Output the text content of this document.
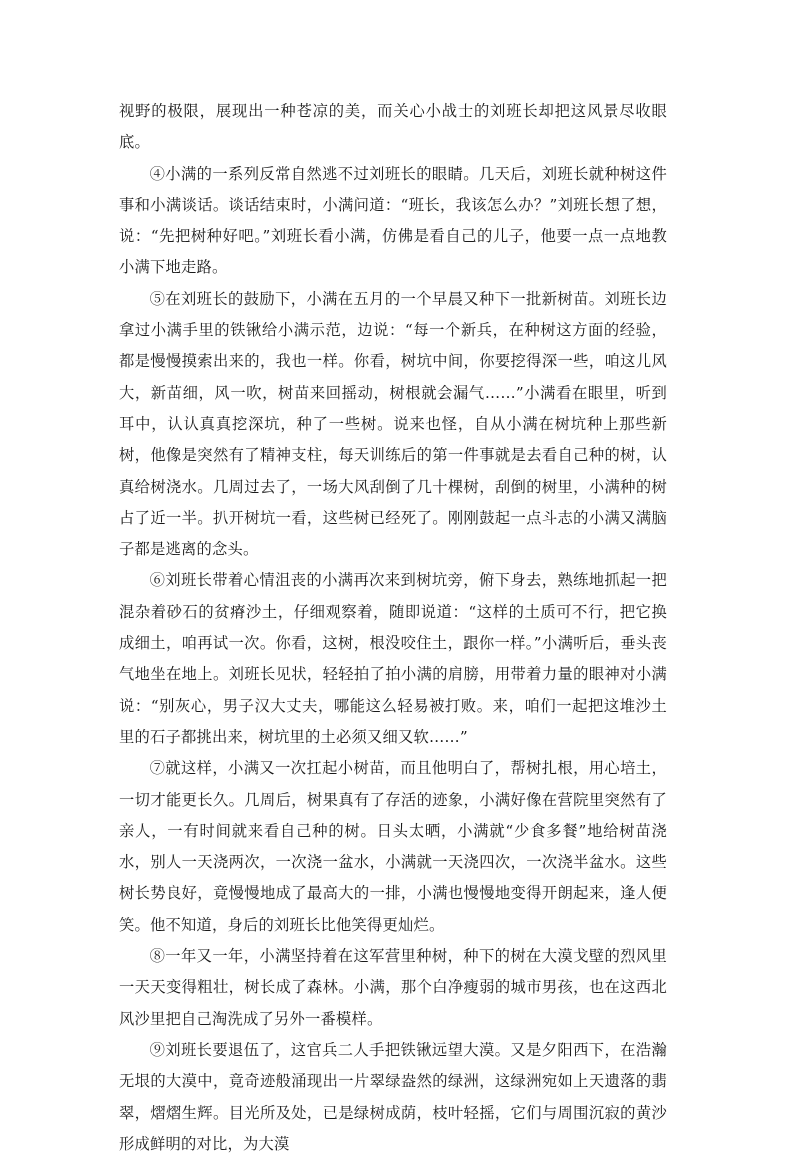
视野的极限，展现出一种苍凉的美，而关心小战士的刘班长却把这风景尽收眼底。

④小满的一系列反常自然逃不过刘班长的眼睛。几天后，刘班长就种树这件事和小满谈话。谈话结束时，小满问道：“班长，我该怎么办？”刘班长想了想，说：“先把树种好吧。”刘班长看小满，仿佛是看自己的儿子，他要一点一点地教小满下地走路。

⑤在刘班长的鼓励下，小满在五月的一个早晨又种下一批新树苗。刘班长边拿过小满手里的铁锹给小满示范，边说：“每一个新兵，在种树这方面的经验，都是慢慢摸索出来的，我也一样。你看，树坑中间，你要挖得深一些，咱这儿风大，新苗细，风一吹，树苗来回摇动，树根就会漏气……”小满看在眼里，听到耳中，认认真真挖深坑，种了一些树。说来也怪，自从小满在树坑种上那些新树，他像是突然有了精神支柱，每天训练后的第一件事就是去看自己种的树，认真给树浇水。几周过去了，一场大风刮倒了几十棵树，刮倒的树里，小满种的树占了近一半。扒开树坑一看，这些树已经死了。刚刚鼓起一点斗志的小满又满脑子都是逃离的念头。

⑥刘班长带着心情沮丧的小满再次来到树坑旁，俯下身去，熟练地抓起一把混杂着砂石的贫瘠沙土，仔细观察着，随即说道：“这样的土质可不行，把它换成细土，咱再试一次。你看，这树，根没咬住土，跟你一样。”小满听后，垂头丧气地坐在地上。刘班长见状，轻轻拍了拍小满的肩膀，用带着力量的眼神对小满说：“别灰心，男子汉大丈夫，哪能这么轻易被打败。来，咱们一起把这堆沙土里的石子都挑出来，树坑里的土必须又细又软……”

⑦就这样，小满又一次扛起小树苗，而且他明白了，帮树扎根，用心培土，一切才能更长久。几周后，树果真有了存活的迹象，小满好像在营院里突然有了亲人，一有时间就来看自己种的树。日头太晒，小满就“少食多餐”地给树苗浇水，别人一天浇两次，一次浇一盆水，小满就一天浇四次，一次浇半盆水。这些树长势良好，竟慢慢地成了最高大的一排，小满也慢慢地变得开朗起来，逢人便笑。他不知道，身后的刘班长比他笑得更灿烂。

⑧一年又一年，小满坚持着在这军营里种树，种下的树在大漠戈壁的烈风里一天天变得粗壮，树长成了森林。小满，那个白净瘦弱的城市男孩，也在这西北风沙里把自己淘洗成了另外一番模样。

⑨刘班长要退伍了，这官兵二人手把铁锹远望大漠。又是夕阳西下，在浩瀚无垠的大漠中，竟奇迹般涌现出一片翠绿盎然的绿洲，这绿洲宛如上天遗落的翡翠，熠熠生辉。目光所及处，已是绿树成荫，枝叶轻摇，它们与周围沉寂的黄沙形成鲜明的对比，为大漠
